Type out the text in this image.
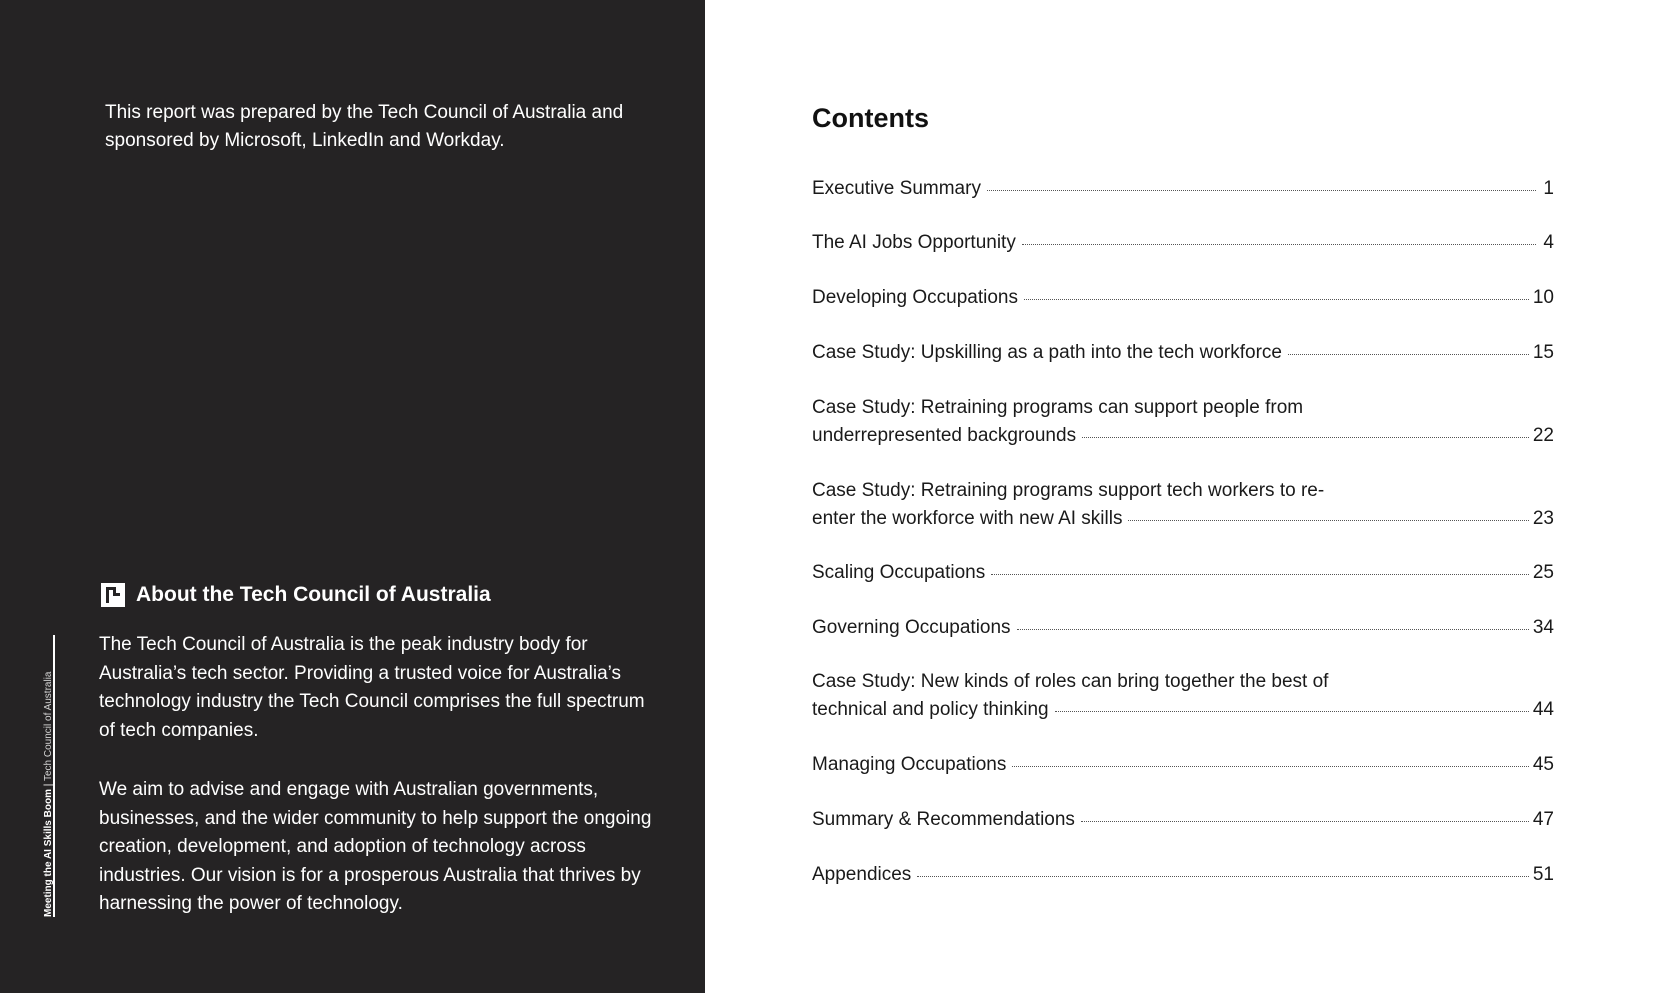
This report was prepared by the Tech Council of Australia and sponsored by Microsoft, LinkedIn and Workday.

About the Tech Council of Australia

The Tech Council of Australia is the peak industry body for Australia’s tech sector. Providing a trusted voice for Australia’s technology industry the Tech Council comprises the full spectrum of tech companies.

We aim to advise and engage with Australian governments, businesses, and the wider community to help support the ongoing creation, development, and adoption of technology across industries. Our vision is for a prosperous Australia that thrives by harnessing the power of technology.

Meeting the AI Skills Boom | Tech Council of Australia
Contents
Executive Summary	1
The AI Jobs Opportunity	4
Developing Occupations	10
Case Study: Upskilling as a path into the tech workforce	15
Case Study: Retraining programs can support people from
underrepresented backgrounds	22
Case Study: Retraining programs support tech workers to re-
enter the workforce with new AI skills	23
Scaling Occupations	25
Governing Occupations	34
Case Study: New kinds of roles can bring together the best of
technical and policy thinking	44
Managing Occupations	45
Summary & Recommendations	47
Appendices	51
